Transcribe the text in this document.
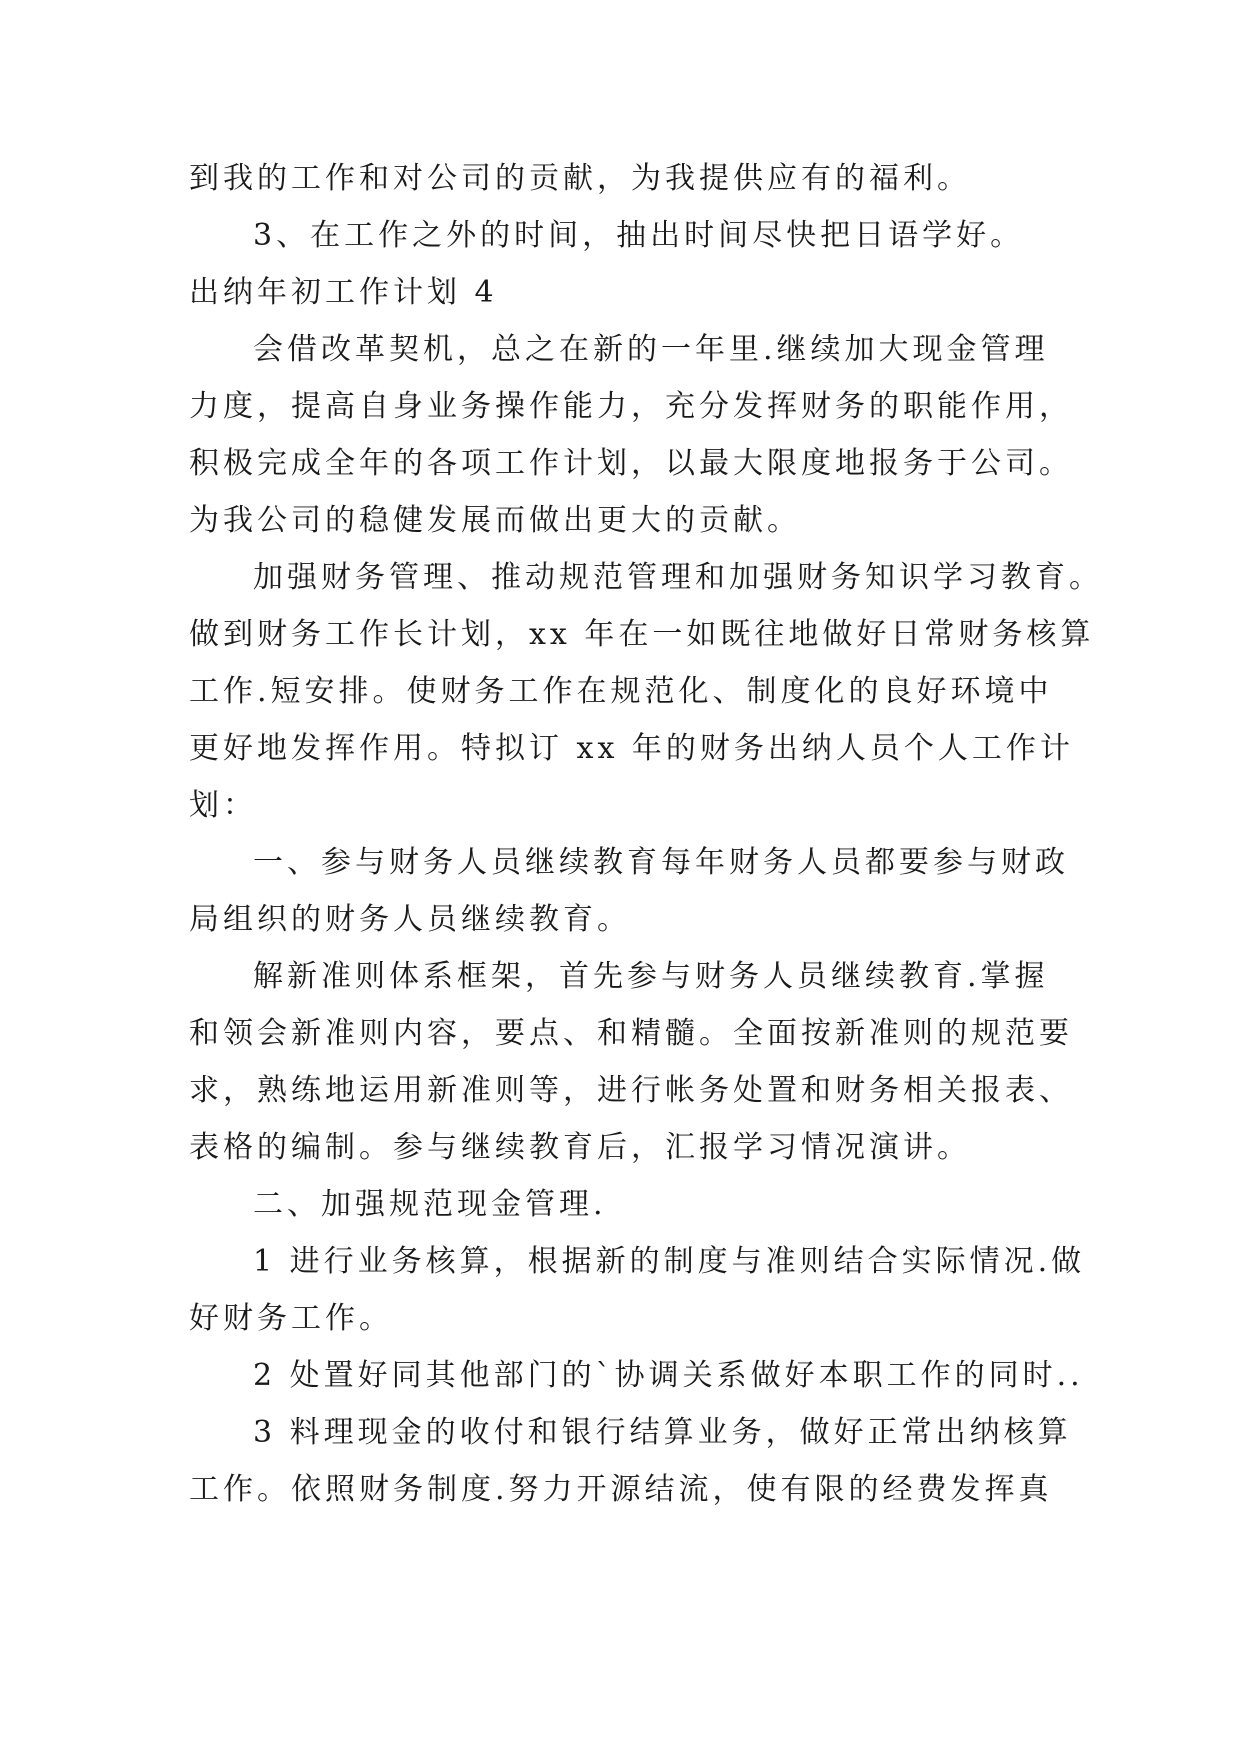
到我的工作和对公司的贡献，为我提供应有的福利。
3、在工作之外的时间，抽出时间尽快把日语学好。
出纳年初工作计划 4
会借改革契机，总之在新的一年里.继续加大现金管理
力度，提高自身业务操作能力，充分发挥财务的职能作用，
积极完成全年的各项工作计划，以最大限度地报务于公司。
为我公司的稳健发展而做出更大的贡献。
加强财务管理、推动规范管理和加强财务知识学习教育。
做到财务工作长计划，xx 年在一如既往地做好日常财务核算
工作.短安排。使财务工作在规范化、制度化的良好环境中
更好地发挥作用。特拟订 xx 年的财务出纳人员个人工作计
划：
一、参与财务人员继续教育每年财务人员都要参与财政
局组织的财务人员继续教育。
解新准则体系框架，首先参与财务人员继续教育.掌握
和领会新准则内容，要点、和精髓。全面按新准则的规范要
求，熟练地运用新准则等，进行帐务处置和财务相关报表、
表格的编制。参与继续教育后，汇报学习情况演讲。
二、加强规范现金管理.
1 进行业务核算，根据新的制度与准则结合实际情况.做
好财务工作。
2 处置好同其他部门的`协调关系做好本职工作的同时..
3 料理现金的收付和银行结算业务，做好正常出纳核算
工作。依照财务制度.努力开源结流，使有限的经费发挥真
